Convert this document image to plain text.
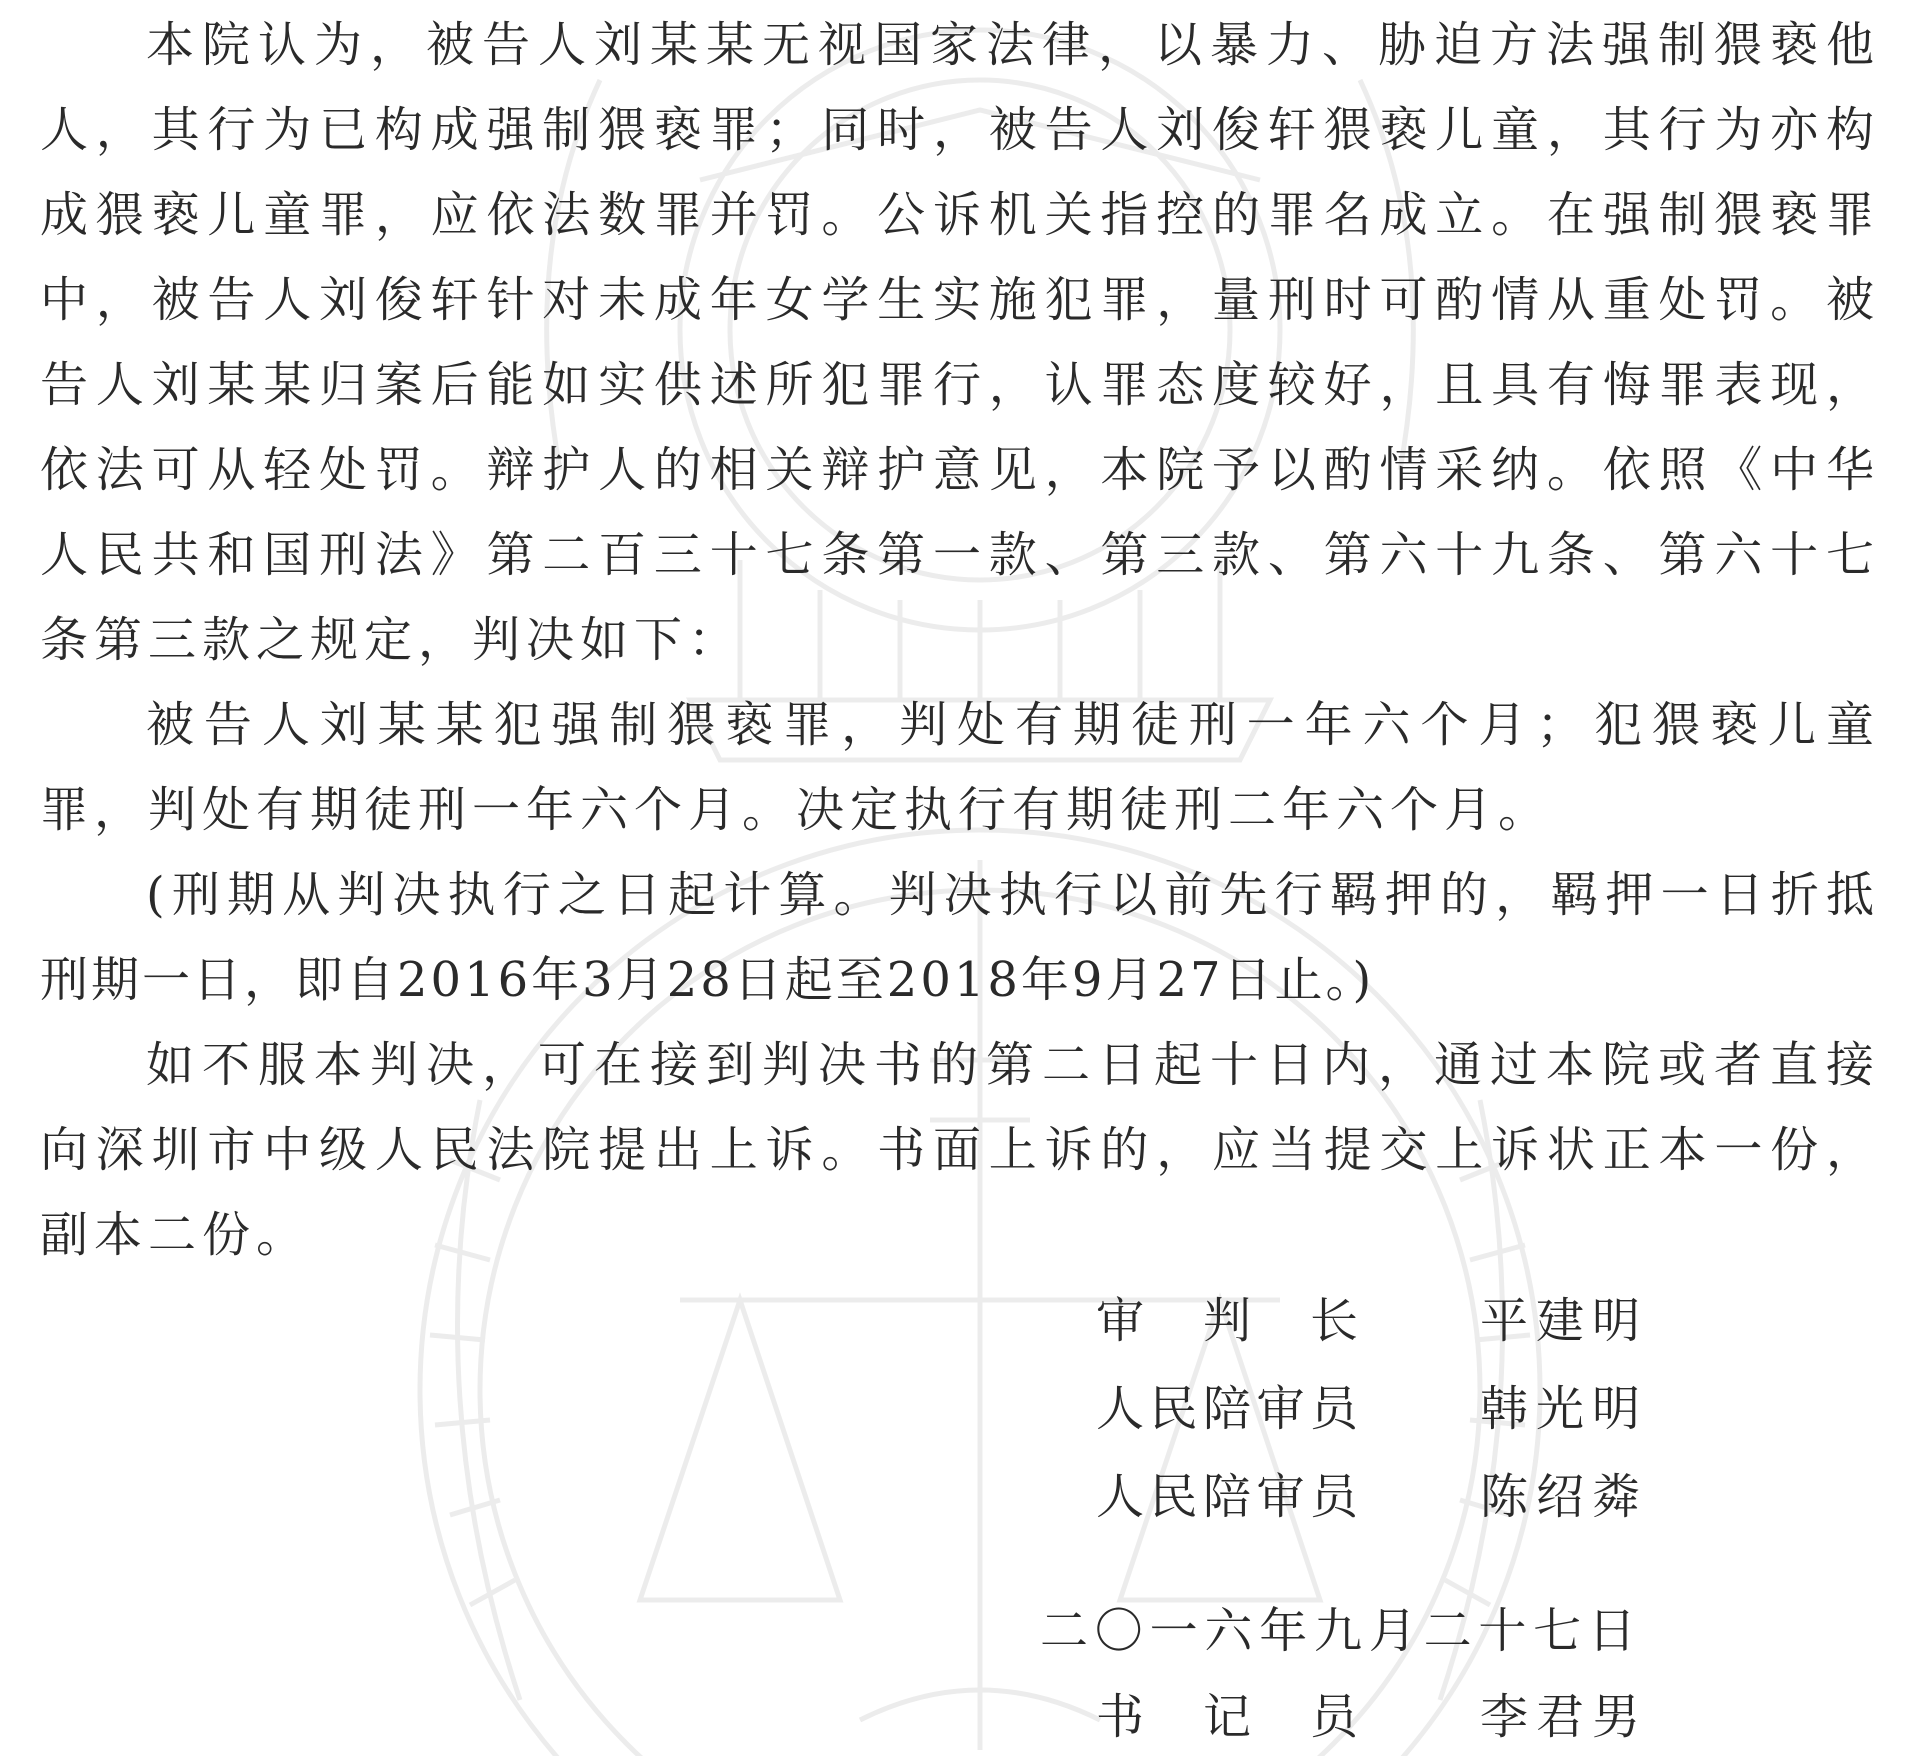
本院认为，被告人刘某某无视国家法律，以暴力、胁迫方法强制猥亵他

人，其行为已构成强制猥亵罪；同时，被告人刘俊轩猥亵儿童，其行为亦构

成猥亵儿童罪，应依法数罪并罚。公诉机关指控的罪名成立。在强制猥亵罪

中，被告人刘俊轩针对未成年女学生实施犯罪，量刑时可酌情从重处罚。被

告人刘某某归案后能如实供述所犯罪行，认罪态度较好，且具有悔罪表现，

依法可从轻处罚。辩护人的相关辩护意见，本院予以酌情采纳。依照《中华

人民共和国刑法》第二百三十七条第一款、第三款、第六十九条、第六十七

条第三款之规定，判决如下：

被告人刘某某犯强制猥亵罪，判处有期徒刑一年六个月；犯猥亵儿童

罪，判处有期徒刑一年六个月。决定执行有期徒刑二年六个月。

(刑期从判决执行之日起计算。判决执行以前先行羁押的，羁押一日折抵

刑期一日，即自2016年3月28日起至2018年9月27日止。)

如不服本判决，可在接到判决书的第二日起十日内，通过本院或者直接

向深圳市中级人民法院提出上诉。书面上诉的，应当提交上诉状正本一份，

副本二份。

审判长	平建明

人民陪审员	韩光明

人民陪审员	陈绍粦

二〇一六年九月二十七日

书记员	李君男
